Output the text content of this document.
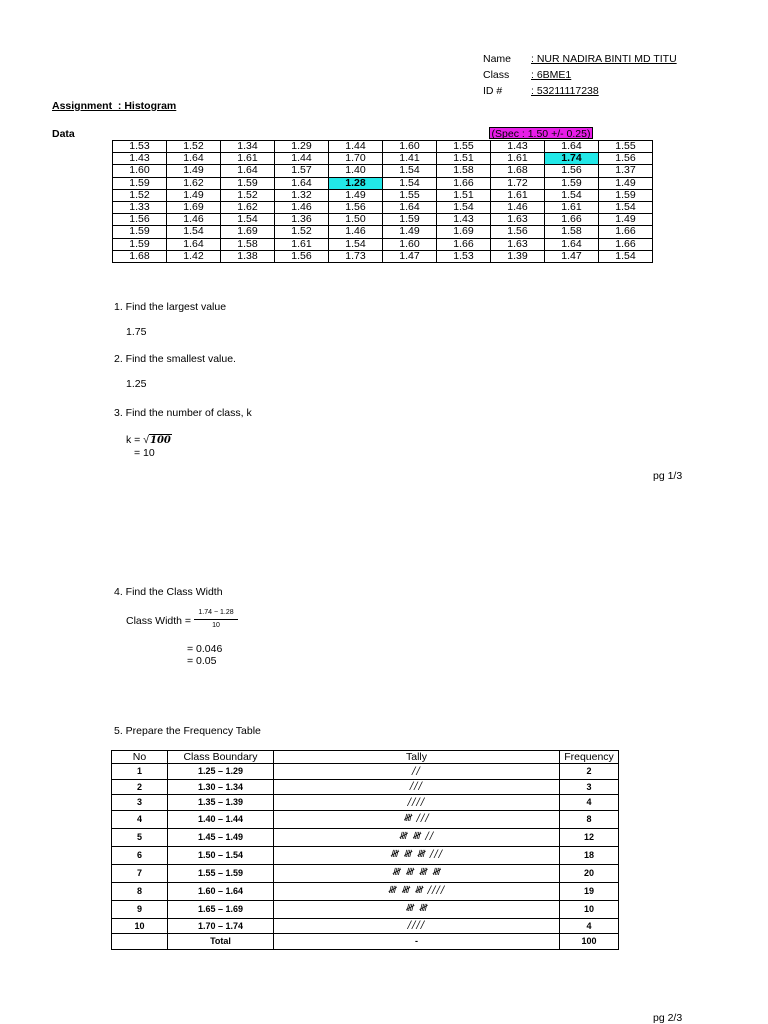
Name : NUR NADIRA BINTI MD TITU
Class : 6BME1
ID #	: 53211117238
Assignment  : Histogram
Data	(Spec : 1.50 +/- 0.25)
1.53	1.52	1.34	1.29	1.44	1.60	1.55	1.43	1.64	1.55
1.43	1.64	1.61	1.44	1.70	1.41	1.51	1.61	1.74	1.56
1.60	1.49	1.64	1.57	1.40	1.54	1.58	1.68	1.56	1.37
1.59	1.62	1.59	1.64	1.28	1.54	1.66	1.72	1.59	1.49
1.52	1.49	1.52	1.32	1.49	1.55	1.51	1.61	1.54	1.59
1.33	1.69	1.62	1.46	1.56	1.64	1.54	1.46	1.61	1.54
1.56	1.46	1.54	1.36	1.50	1.59	1.43	1.63	1.66	1.49
1.59	1.54	1.69	1.52	1.46	1.49	1.69	1.56	1.58	1.66
1.59	1.64	1.58	1.61	1.54	1.60	1.66	1.63	1.64	1.66
1.68	1.42	1.38	1.56	1.73	1.47	1.53	1.39	1.47	1.54
1. Find the largest value
1.75
2. Find the smallest value.
1.25
3. Find the number of class, k
k = √100
= 10
pg 1/3
4. Find the Class Width
Class Width =
1.74 − 1.28
10
= 0.046
= 0.05
5. Prepare the Frequency Table
No	Class Boundary	Tally	Frequency
1	1.25 – 1.29	//	2
2	1.30 – 1.34	///	3
3	1.35 – 1.39	////	4
4	1.40 – 1.44	𝍸 ///	8
5	1.45 – 1.49	𝍸 𝍸 //	12
6	1.50 – 1.54	𝍸 𝍸 𝍸 ///	18
7	1.55 – 1.59	𝍸 𝍸 𝍸 𝍸	20
8	1.60 – 1.64	𝍸 𝍸 𝍸 ////	19
9	1.65 – 1.69	𝍸 𝍸	10
10	1.70 – 1.74	////	4
	Total	-	100
pg 2/3
